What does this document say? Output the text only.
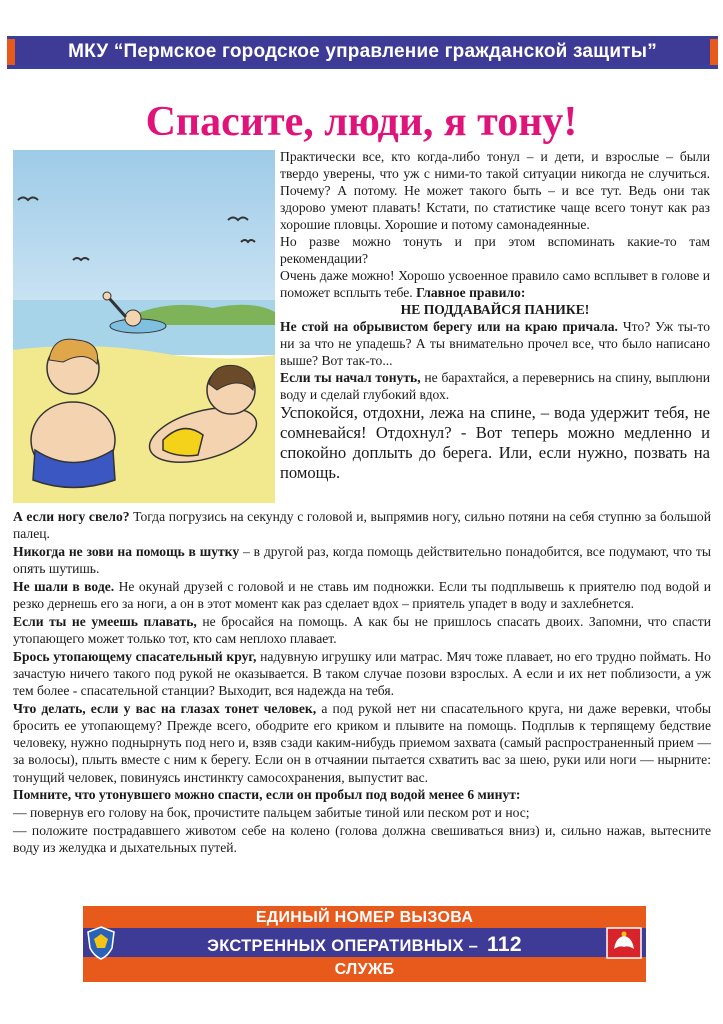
МКУ “Пермское городское управление гражданской защиты”
Спасите, люди, я тону!

Практически все, кто когда-либо тонул – и дети, и взрослые – были твердо уверены, что уж с ними-то такой ситуации никогда не случиться. Почему? А потому. Не может такого быть – и все тут. Ведь они так здорово умеют плавать! Кстати, по статистике чаще всего тонут как раз хорошие пловцы. Хорошие и потому самонадеянные.

Но разве можно тонуть и при этом вспоминать какие-то там рекомендации?

Очень даже можно! Хорошо усвоенное правило само всплывет в голове и поможет всплыть тебе. Главное правило:

НЕ ПОДДАВАЙСЯ ПАНИКЕ!

Не стой на обрывистом берегу или на краю причала. Что? Уж ты-то ни за что не упадешь? А ты внимательно прочел все, что было написано выше? Вот так-то...

Если ты начал тонуть, не барахтайся, а перевернись на спину, выплюни воду и сделай глубокий вдох.

Успокойся, отдохни, лежа на спине, – вода удержит тебя, не сомневайся! Отдохнул? - Вот теперь можно медленно и спокойно доплыть до берега. Или, если нужно, позвать на помощь.

А если ногу свело? Тогда погрузись на секунду с головой и, выпрямив ногу, сильно потяни на себя ступню за большой палец.

Никогда не зови на помощь в шутку – в другой раз, когда помощь действительно понадобится, все подумают, что ты опять шутишь.

Не шали в воде. Не окунай друзей с головой и не ставь им подножки. Если ты подплывешь к приятелю под водой и резко дернешь его за ноги, а он в этот момент как раз сделает вдох – приятель упадет в воду и захлебнется.

Если ты не умеешь плавать, не бросайся на помощь. А как бы не пришлось спасать двоих. Запомни, что спасти утопающего может только тот, кто сам неплохо плавает.

Брось утопающему спасательный круг, надувную игрушку или матрас. Мяч тоже плавает, но его трудно поймать. Но зачастую ничего такого под рукой не оказывается. В таком случае позови взрослых. А если и их нет поблизости, а уж тем более - спасательной станции? Выходит, вся надежда на тебя.

Что делать, если у вас на глазах тонет человек, а под рукой нет ни спасательного круга, ни даже веревки, чтобы бросить ее утопающему? Прежде всего, ободрите его криком и плывите на помощь. Подплыв к терпящему бедствие человеку, нужно поднырнуть под него и, взяв сзади каким-нибудь приемом захвата (самый распространенный прием — за волосы), плыть вместе с ним к берегу. Если он в отчаянии пытается схватить вас за шею, руки или ноги — нырните: тонущий человек, повинуясь инстинкту самосохранения, выпустит вас.

Помните, что утонувшего можно спасти, если он пробыл под водой менее 6 минут:

— повернув его голову на бок, прочистите пальцем забитые тиной или песком рот и нос;

— положите пострадавшего животом себе на колено (голова должна свешиваться вниз) и, сильно нажав, вытесните воду из желудка и дыхательных путей.

ЕДИНЫЙ НОМЕР ВЫЗОВА
ЭКСТРЕННЫХ ОПЕРАТИВНЫХ – 112
СЛУЖБ
